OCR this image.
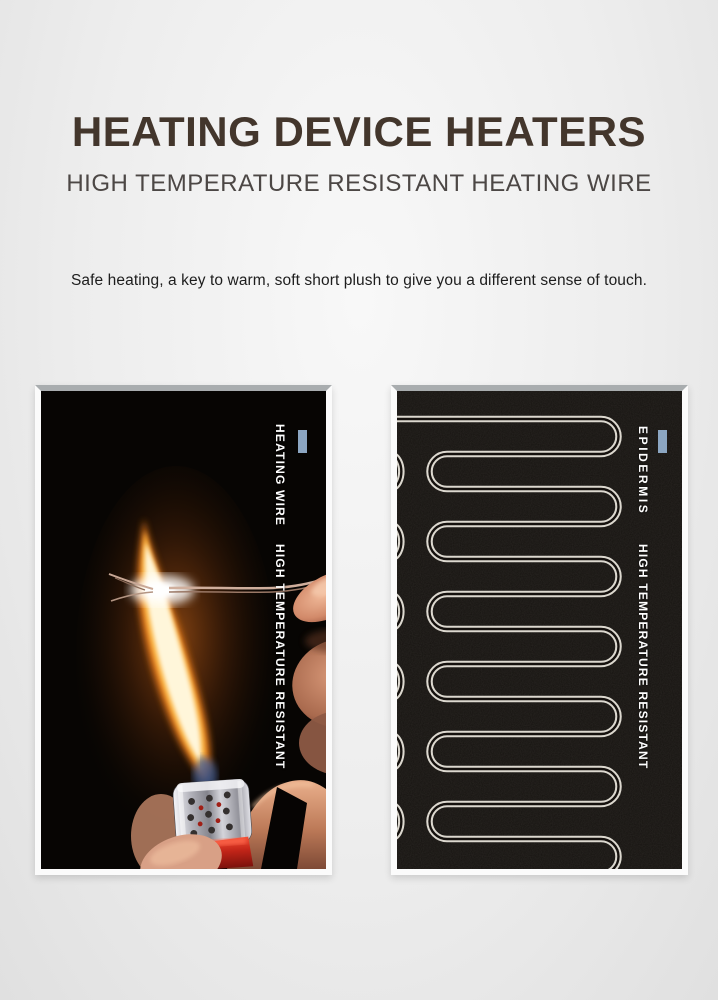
HEATING DEVICE HEATERS
HIGH TEMPERATURE RESISTANT HEATING WIRE

Safe heating, a key to warm, soft short plush to give you a different sense of touch.

HEATING WIRE
HIGH TEMPERATURE RESISTANT
EPIDERMIS
HIGH TEMPERATURE RESISTANT
